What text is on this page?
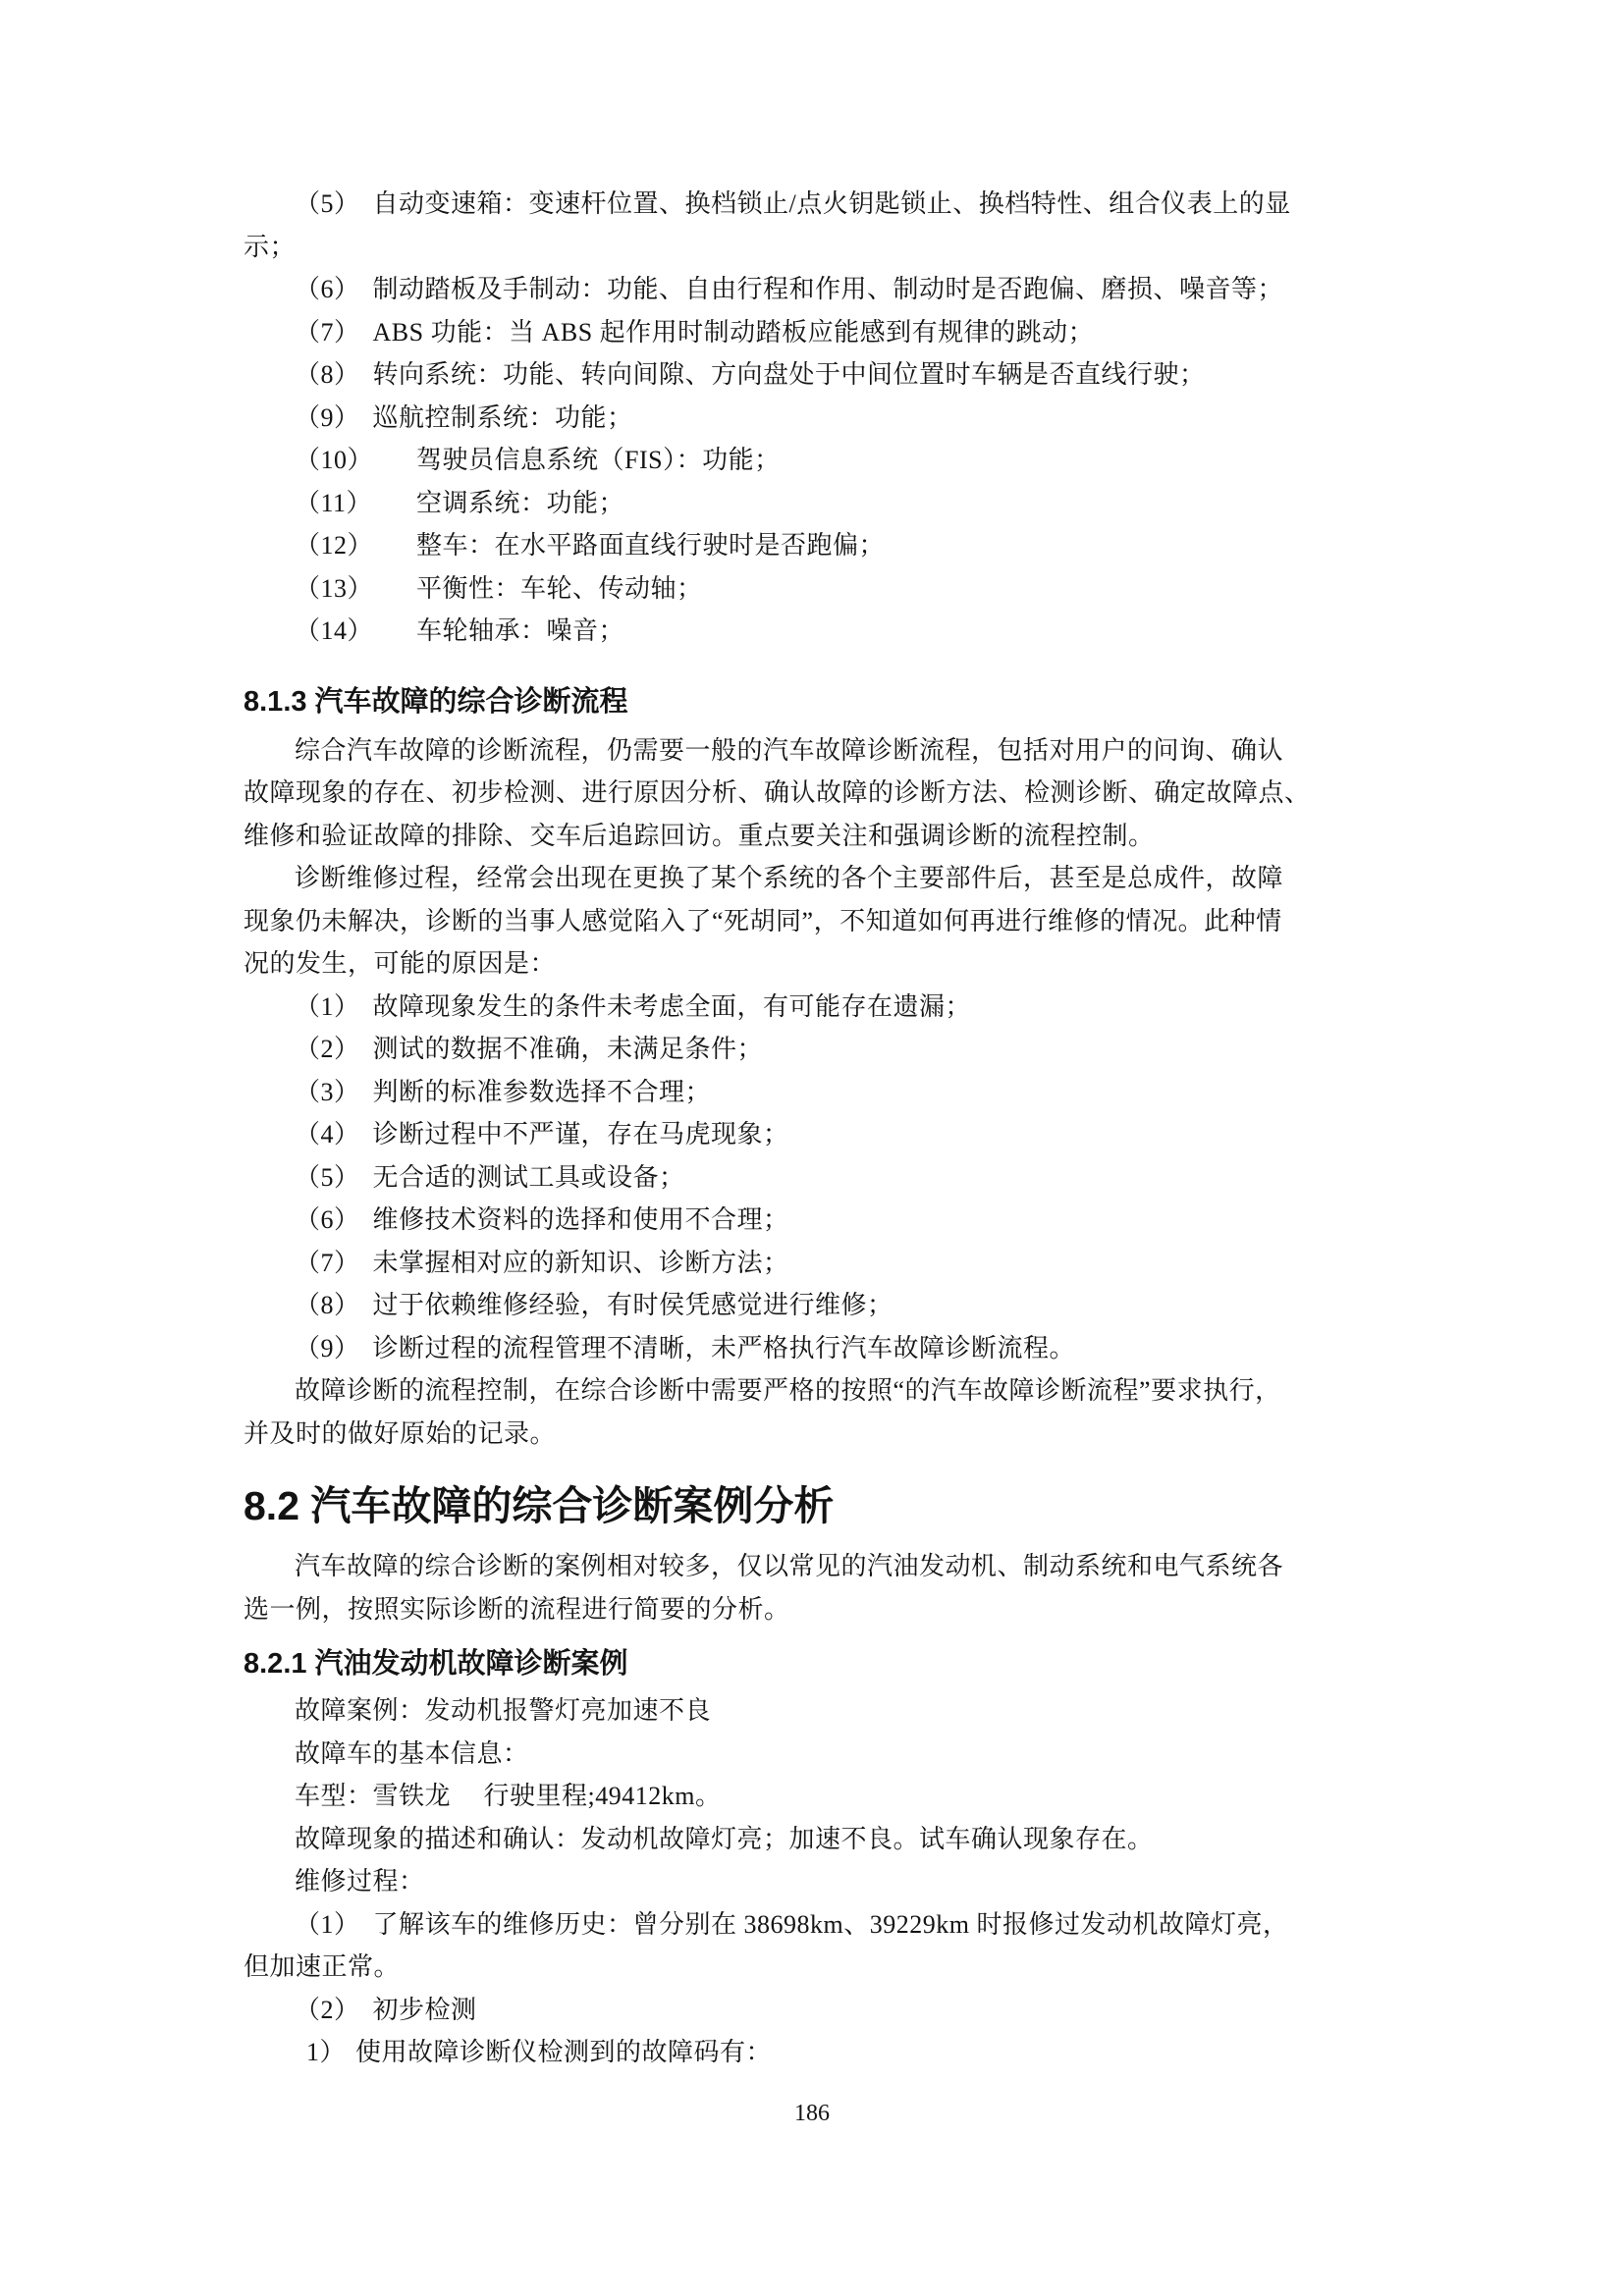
（5） 自动变速箱：变速杆位置、换档锁止/点火钥匙锁止、换档特性、组合仪表上的显
示；
（6） 制动踏板及手制动：功能、自由行程和作用、制动时是否跑偏、磨损、噪音等；
（7） ABS 功能：当 ABS 起作用时制动踏板应能感到有规律的跳动；
（8） 转向系统：功能、转向间隙、方向盘处于中间位置时车辆是否直线行驶；
（9） 巡航控制系统：功能；
（10） 驾驶员信息系统（FIS）：功能；
（11） 空调系统：功能；
（12） 整车：在水平路面直线行驶时是否跑偏；
（13） 平衡性：车轮、传动轴；
（14） 车轮轴承：噪音；
8.1.3 汽车故障的综合诊断流程
综合汽车故障的诊断流程，仍需要一般的汽车故障诊断流程，包括对用户的问询、确认
故障现象的存在、初步检测、进行原因分析、确认故障的诊断方法、检测诊断、确定故障点、
维修和验证故障的排除、交车后追踪回访。重点要关注和强调诊断的流程控制。
诊断维修过程，经常会出现在更换了某个系统的各个主要部件后，甚至是总成件，故障
现象仍未解决，诊断的当事人感觉陷入了“死胡同”，不知道如何再进行维修的情况。此种情
况的发生，可能的原因是：
（1） 故障现象发生的条件未考虑全面，有可能存在遗漏；
（2） 测试的数据不准确，未满足条件；
（3） 判断的标准参数选择不合理；
（4） 诊断过程中不严谨，存在马虎现象；
（5） 无合适的测试工具或设备；
（6） 维修技术资料的选择和使用不合理；
（7） 未掌握相对应的新知识、诊断方法；
（8） 过于依赖维修经验，有时侯凭感觉进行维修；
（9） 诊断过程的流程管理不清晰，未严格执行汽车故障诊断流程。
故障诊断的流程控制，在综合诊断中需要严格的按照“的汽车故障诊断流程”要求执行，
并及时的做好原始的记录。
8.2 汽车故障的综合诊断案例分析
汽车故障的综合诊断的案例相对较多，仅以常见的汽油发动机、制动系统和电气系统各
选一例，按照实际诊断的流程进行简要的分析。
8.2.1 汽油发动机故障诊断案例
故障案例：发动机报警灯亮加速不良
故障车的基本信息：
车型：雪铁龙　 行驶里程;49412km。
故障现象的描述和确认：发动机故障灯亮；加速不良。试车确认现象存在。
维修过程：
（1） 了解该车的维修历史：曾分别在 38698km、39229km 时报修过发动机故障灯亮，
但加速正常。
（2） 初步检测
1） 使用故障诊断仪检测到的故障码有：
186
